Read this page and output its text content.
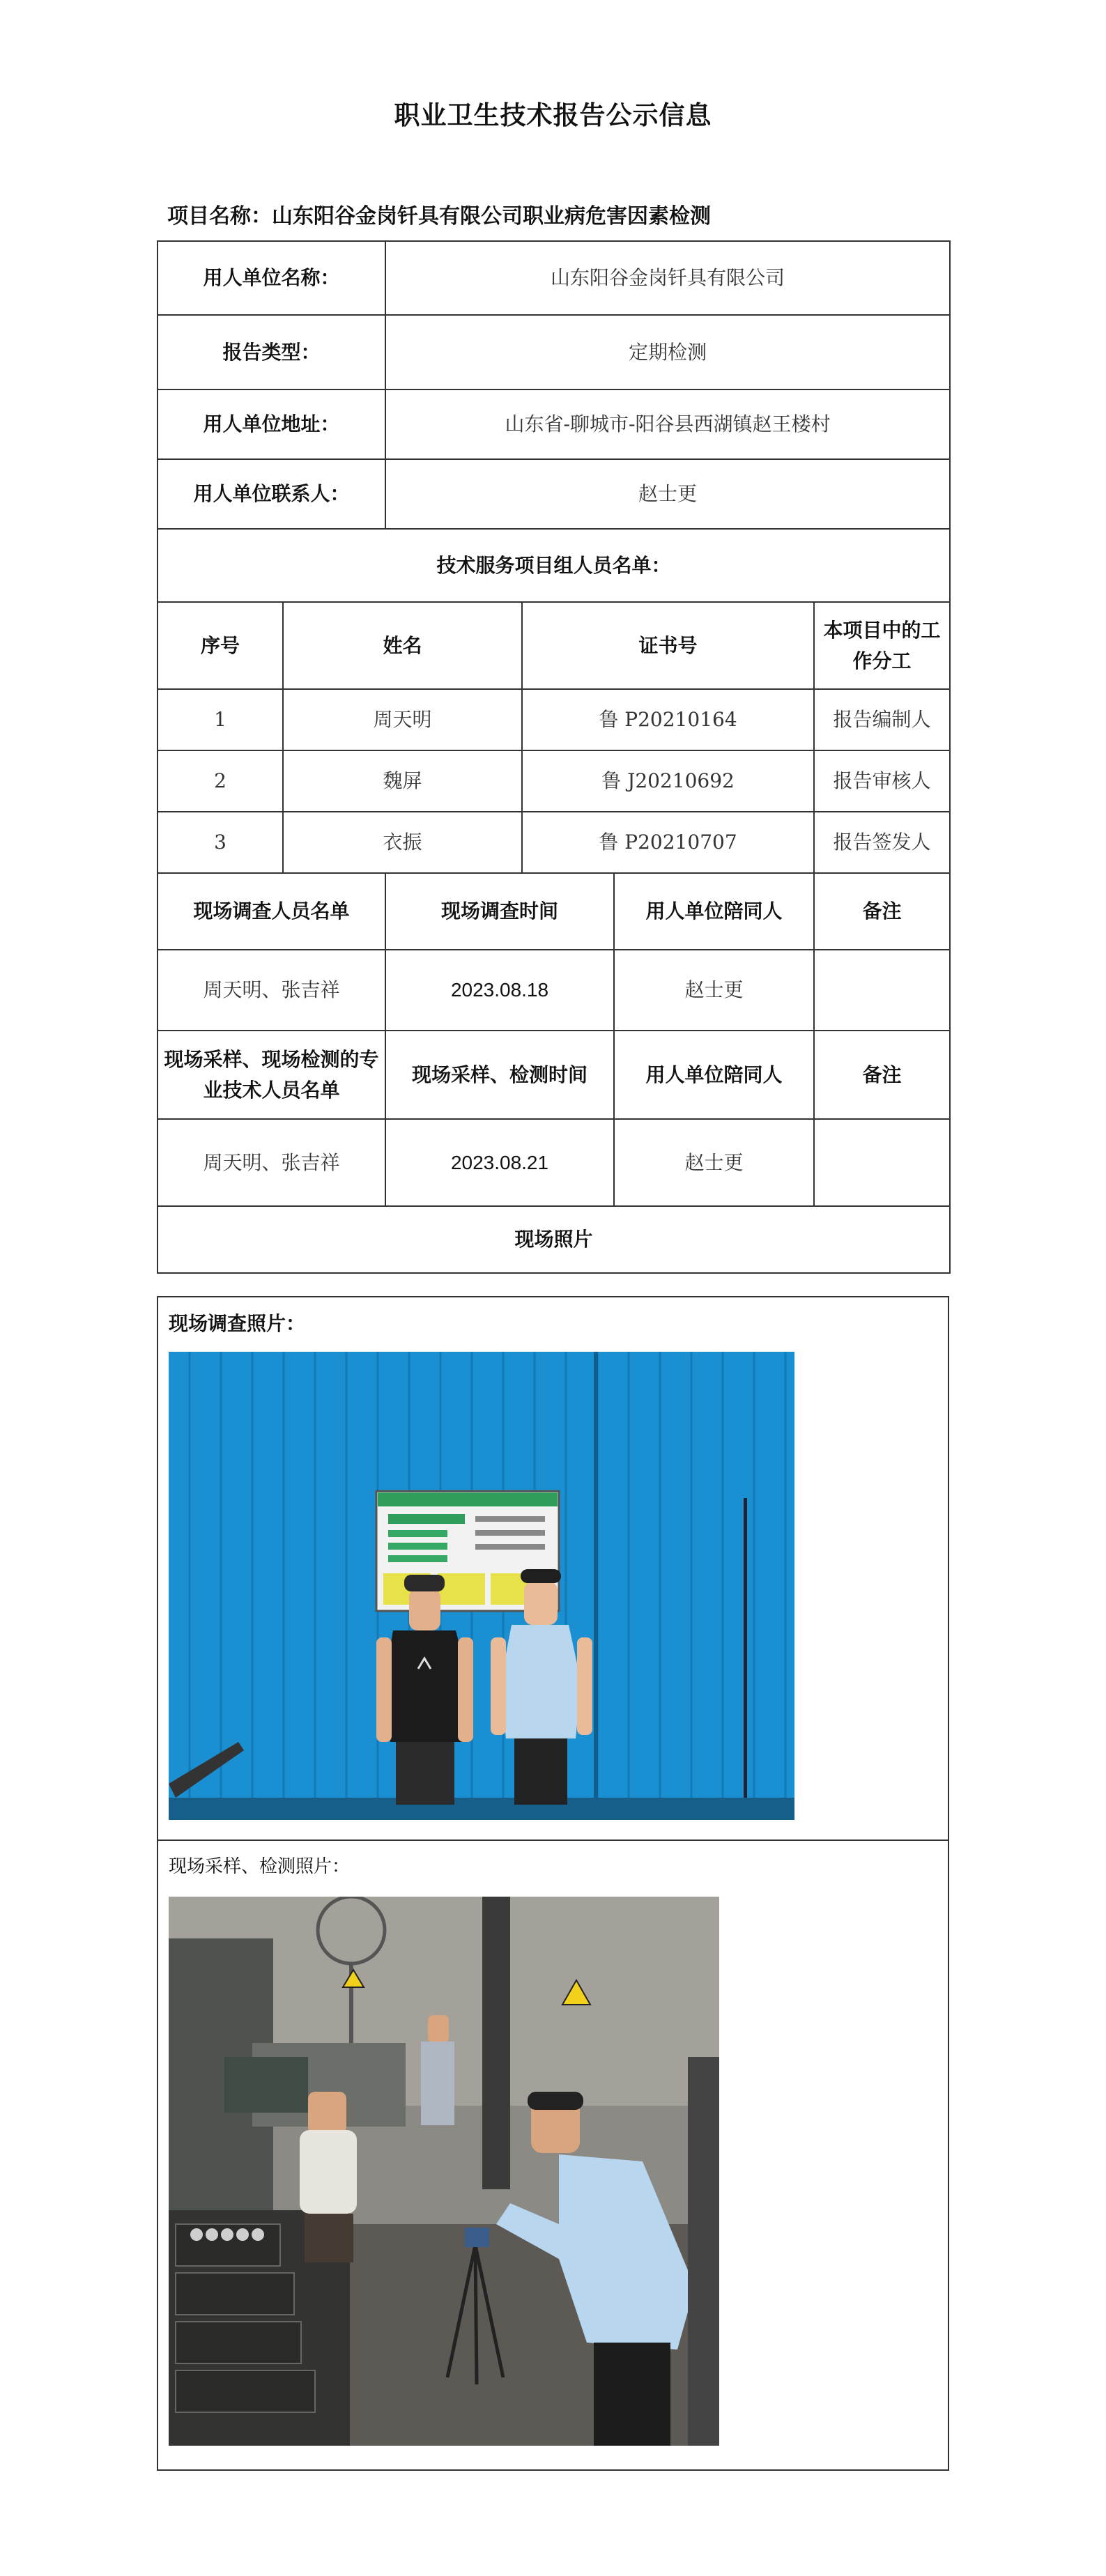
职业卫生技术报告公示信息
项目名称：山东阳谷金岗钎具有限公司职业病危害因素检测
用人单位名称：		山东阳谷金岗钎具有限公司			
报告类型：		定期检测			
用人单位地址：		山东省-聊城市-阳谷县西湖镇赵王楼村			
用人单位联系人：		赵士更			
技术服务项目组人员名单：					
序号	姓名		证书号		本项目中的工作分工
1	周天明		鲁 P20210164		报告编制人
2	魏屏		鲁 J20210692		报告审核人
3	衣振		鲁 P20210707		报告签发人
现场调查人员名单		现场调查时间		用人单位陪同人	备注
周天明、张吉祥		2023.08.18		赵士更	
现场采样、现场检测的专业技术人员名单		现场采样、检测时间		用人单位陪同人	备注
周天明、张吉祥		2023.08.21		赵士更	
现场照片					
现场调查照片：
现场采样、检测照片：
